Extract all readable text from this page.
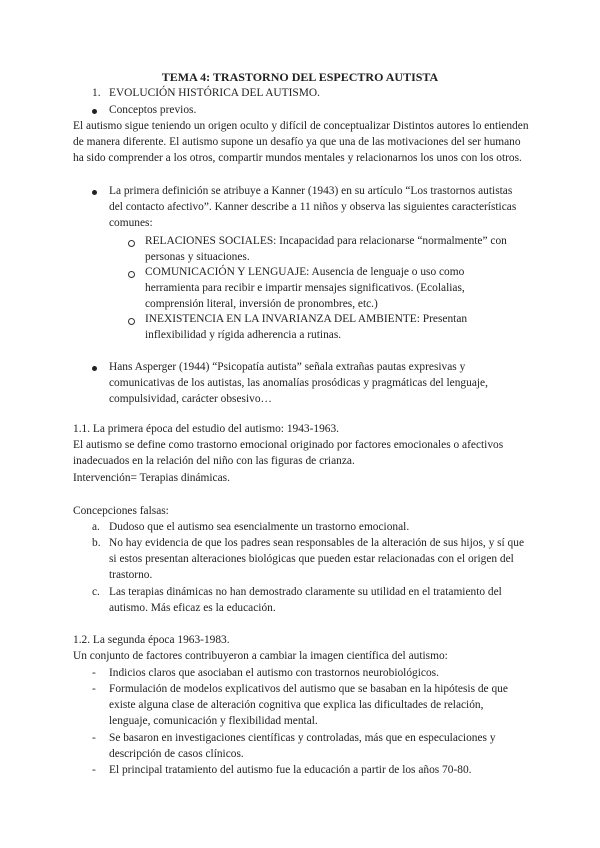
TEMA 4: TRASTORNO DEL ESPECTRO AUTISTA
1. EVOLUCIÓN HISTÓRICA DEL AUTISMO.
Conceptos previos.

El autismo sigue teniendo un origen oculto y difícil de conceptualizar Distintos autores lo entienden de manera diferente. El autismo supone un desafío ya que una de las motivaciones del ser humano ha sido comprender a los otros, compartir mundos mentales y relacionarnos los unos con los otros.

La primera definición se atribuye a Kanner (1943) en su artículo “Los trastornos autistas del contacto afectivo”. Kanner describe a 11 niños y observa las siguientes características comunes:

RELACIONES SOCIALES: Incapacidad para relacionarse “normalmente” con personas y situaciones.

COMUNICACIÓN Y LENGUAJE: Ausencia de lenguaje o uso como herramienta para recibir e impartir mensajes significativos. (Ecolalias, comprensión literal, inversión de pronombres, etc.)

INEXISTENCIA EN LA INVARIANZA DEL AMBIENTE: Presentan inflexibilidad y rígida adherencia a rutinas.

Hans Asperger (1944) “Psicopatía autista” señala extrañas pautas expresivas y comunicativas de los autistas, las anomalías prosódicas y pragmáticas del lenguaje, compulsividad, carácter obsesivo…

1.1. La primera época del estudio del autismo: 1943-1963.

El autismo se define como trastorno emocional originado por factores emocionales o afectivos inadecuados en la relación del niño con las figuras de crianza.

Intervención= Terapias dinámicas.
Concepciones falsas:
a. Dudoso que el autismo sea esencialmente un trastorno emocional.

b. No hay evidencia de que los padres sean responsables de la alteración de sus hijos, y sí que si estos presentan alteraciones biológicas que pueden estar relacionadas con el origen del trastorno.

c. Las terapias dinámicas no han demostrado claramente su utilidad en el tratamiento del autismo. Más eficaz es la educación.

1.2. La segunda época 1963-1983.

Un conjunto de factores contribuyeron a cambiar la imagen científica del autismo:

- Indicios claros que asociaban el autismo con trastornos neurobiológicos.

- Formulación de modelos explicativos del autismo que se basaban en la hipótesis de que existe alguna clase de alteración cognitiva que explica las dificultades de relación, lenguaje, comunicación y flexibilidad mental.

- Se basaron en investigaciones científicas y controladas, más que en especulaciones y descripción de casos clínicos.

- El principal tratamiento del autismo fue la educación a partir de los años 70-80.
